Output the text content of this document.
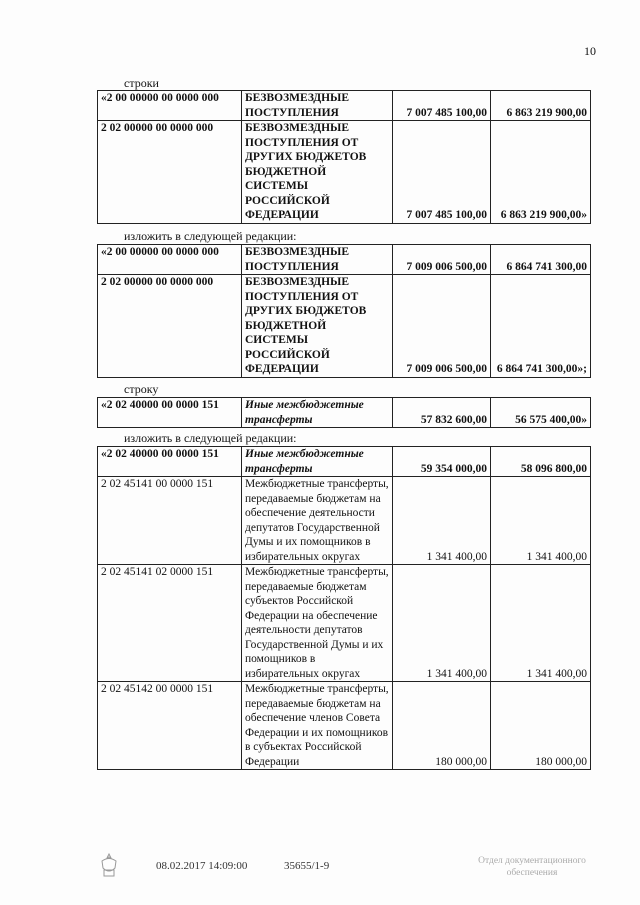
10
строки
«2 00 00000 00 0000 000	БЕЗВОЗМЕЗДНЫЕ ПОСТУПЛЕНИЯ	7 007 485 100,00	6 863 219 900,00
2 02 00000 00 0000 000	БЕЗВОЗМЕЗДНЫЕ ПОСТУПЛЕНИЯ ОТ ДРУГИХ БЮДЖЕТОВ БЮДЖЕТНОЙ СИСТЕМЫ РОССИЙСКОЙ ФЕДЕРАЦИИ	7 007 485 100,00	6 863 219 900,00»
изложить в следующей редакции:
«2 00 00000 00 0000 000	БЕЗВОЗМЕЗДНЫЕ ПОСТУПЛЕНИЯ	7 009 006 500,00	6 864 741 300,00
2 02 00000 00 0000 000	БЕЗВОЗМЕЗДНЫЕ ПОСТУПЛЕНИЯ ОТ ДРУГИХ БЮДЖЕТОВ БЮДЖЕТНОЙ СИСТЕМЫ РОССИЙСКОЙ ФЕДЕРАЦИИ	7 009 006 500,00	6 864 741 300,00»;
строку
«2 02 40000 00 0000 151	Иные межбюджетные трансферты	57 832 600,00	56 575 400,00»
изложить в следующей редакции:
«2 02 40000 00 0000 151	Иные межбюджетные трансферты	59 354 000,00	58 096 800,00
2 02 45141 00 0000 151	Межбюджетные трансферты, передаваемые бюджетам на обеспечение деятельности депутатов Государственной Думы и их помощников в избирательных округах	1 341 400,00	1 341 400,00
2 02 45141 02 0000 151	Межбюджетные трансферты, передаваемые бюджетам субъектов Российской Федерации на обеспечение деятельности депутатов Государственной Думы и их помощников в избирательных округах	1 341 400,00	1 341 400,00
2 02 45142 00 0000 151	Межбюджетные трансферты, передаваемые бюджетам на обеспечение членов Совета Федерации и их помощников в субъектах Российской Федерации	180 000,00	180 000,00
08.02.2017 14:09:00	35655/1-9	Отдел документационного
обеспечения
